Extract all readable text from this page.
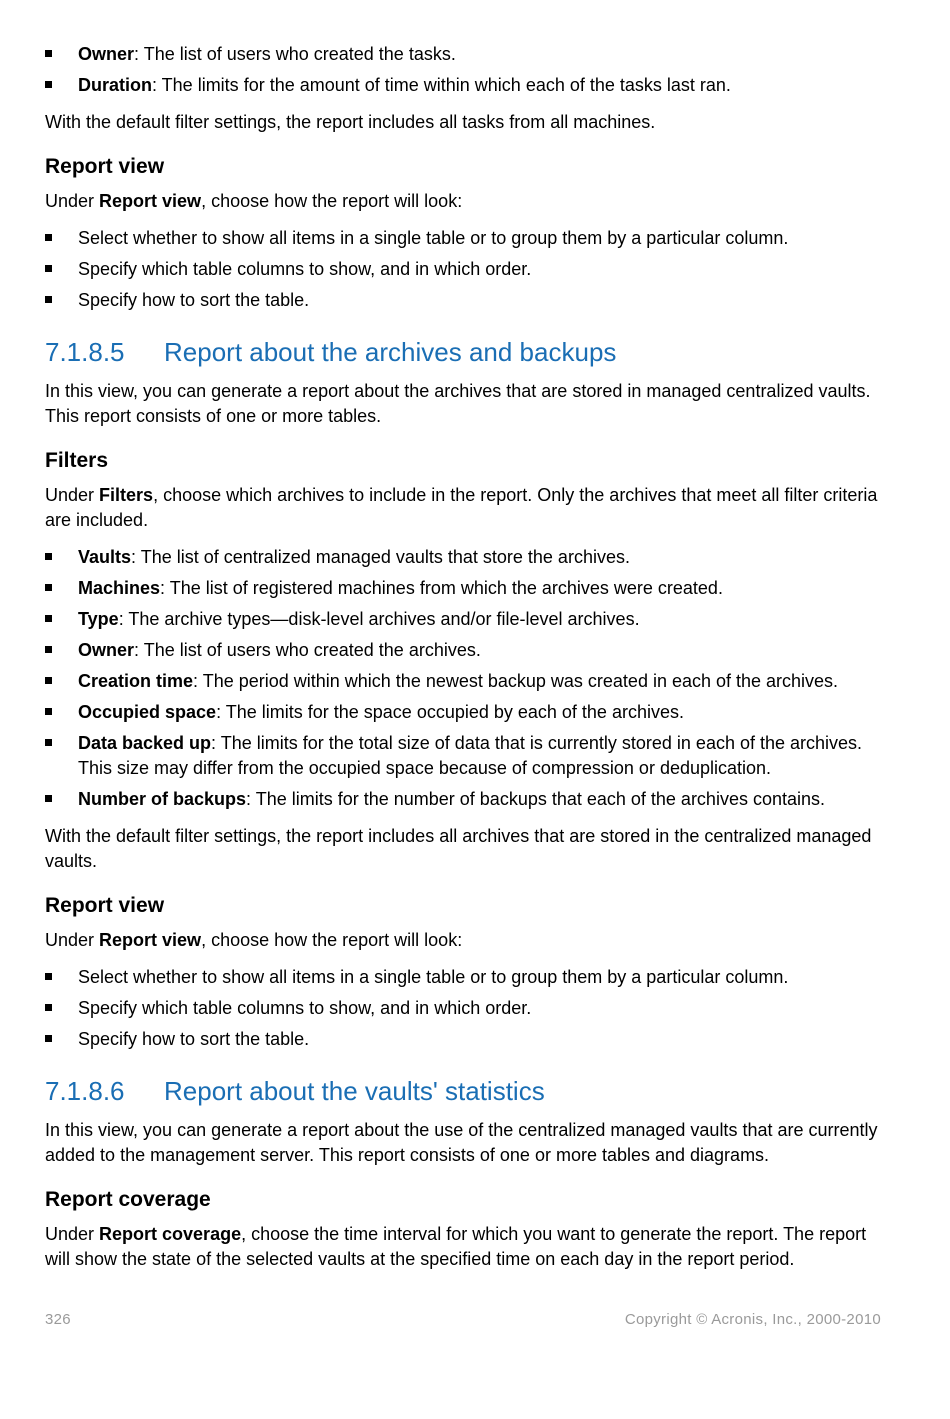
Owner: The list of users who created the tasks.
Duration: The limits for the amount of time within which each of the tasks last ran.

With the default filter settings, the report includes all tasks from all machines.

Report view

Under Report view, choose how the report will look:

Select whether to show all items in a single table or to group them by a particular column.
Specify which table columns to show, and in which order.
Specify how to sort the table.
7.1.8.5	Report about the archives and backups

In this view, you can generate a report about the archives that are stored in managed centralized vaults. This report consists of one or more tables.

Filters

Under Filters, choose which archives to include in the report. Only the archives that meet all filter criteria are included.

Vaults: The list of centralized managed vaults that store the archives.
Machines: The list of registered machines from which the archives were created.
Type: The archive types—disk-level archives and/or file-level archives.
Owner: The list of users who created the archives.
Creation time: The period within which the newest backup was created in each of the archives.
Occupied space: The limits for the space occupied by each of the archives.
Data backed up: The limits for the total size of data that is currently stored in each of the archives. This size may differ from the occupied space because of compression or deduplication.
Number of backups: The limits for the number of backups that each of the archives contains.

With the default filter settings, the report includes all archives that are stored in the centralized managed vaults.

Report view

Under Report view, choose how the report will look:

Select whether to show all items in a single table or to group them by a particular column.
Specify which table columns to show, and in which order.
Specify how to sort the table.
7.1.8.6	Report about the vaults' statistics

In this view, you can generate a report about the use of the centralized managed vaults that are currently added to the management server. This report consists of one or more tables and diagrams.

Report coverage

Under Report coverage, choose the time interval for which you want to generate the report. The report will show the state of the selected vaults at the specified time on each day in the report period.

326	Copyright © Acronis, Inc., 2000-2010
